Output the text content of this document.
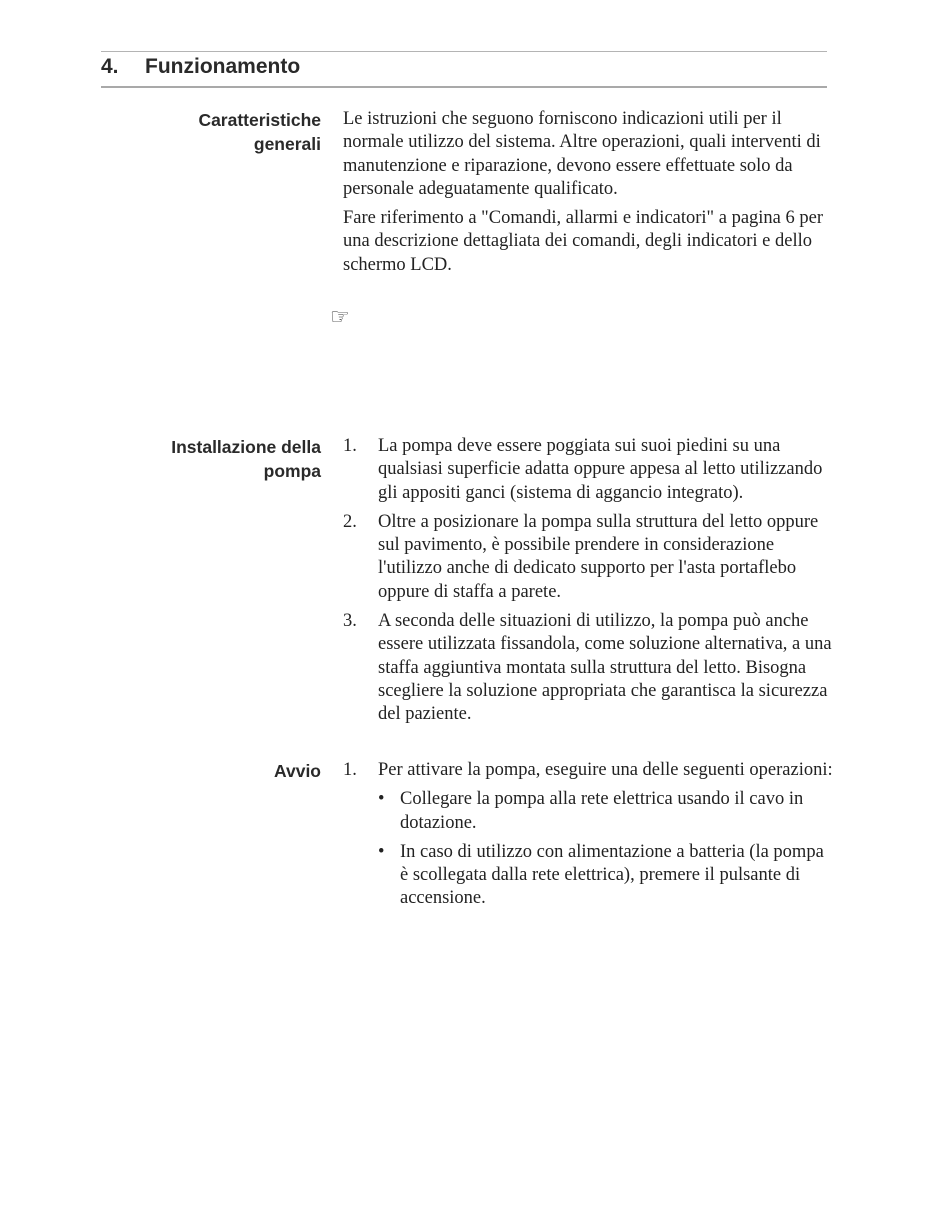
4. Funzionamento
Caratteristiche
generali

Le istruzioni che seguono forniscono indicazioni utili per il normale utilizzo del sistema. Altre operazioni, quali interventi di manutenzione e riparazione, devono essere effettuate solo da personale adeguatamente qualificato.

Fare riferimento a "Comandi, allarmi e indicatori" a pagina 6 per una descrizione dettagliata dei comandi, degli indicatori e dello schermo LCD.

☞
Installazione della
pompa
1. La pompa deve essere poggiata sui suoi piedini su una qualsiasi superficie adatta oppure appesa al letto utilizzando gli appositi ganci (sistema di aggancio integrato).
2. Oltre a posizionare la pompa sulla struttura del letto oppure sul pavimento, è possibile prendere in considerazione l'utilizzo anche di dedicato supporto per l'asta portaflebo oppure di staffa a parete.
3. A seconda delle situazioni di utilizzo, la pompa può anche essere utilizzata fissandola, come soluzione alternativa, a una staffa aggiuntiva montata sulla struttura del letto. Bisogna scegliere la soluzione appropriata che garantisca la sicurezza del paziente.
Avvio 1. Per attivare la pompa, eseguire una delle seguenti operazioni:
• Collegare la pompa alla rete elettrica usando il cavo in dotazione.
• In caso di utilizzo con alimentazione a batteria (la pompa è scollegata dalla rete elettrica), premere il pulsante di accensione.
